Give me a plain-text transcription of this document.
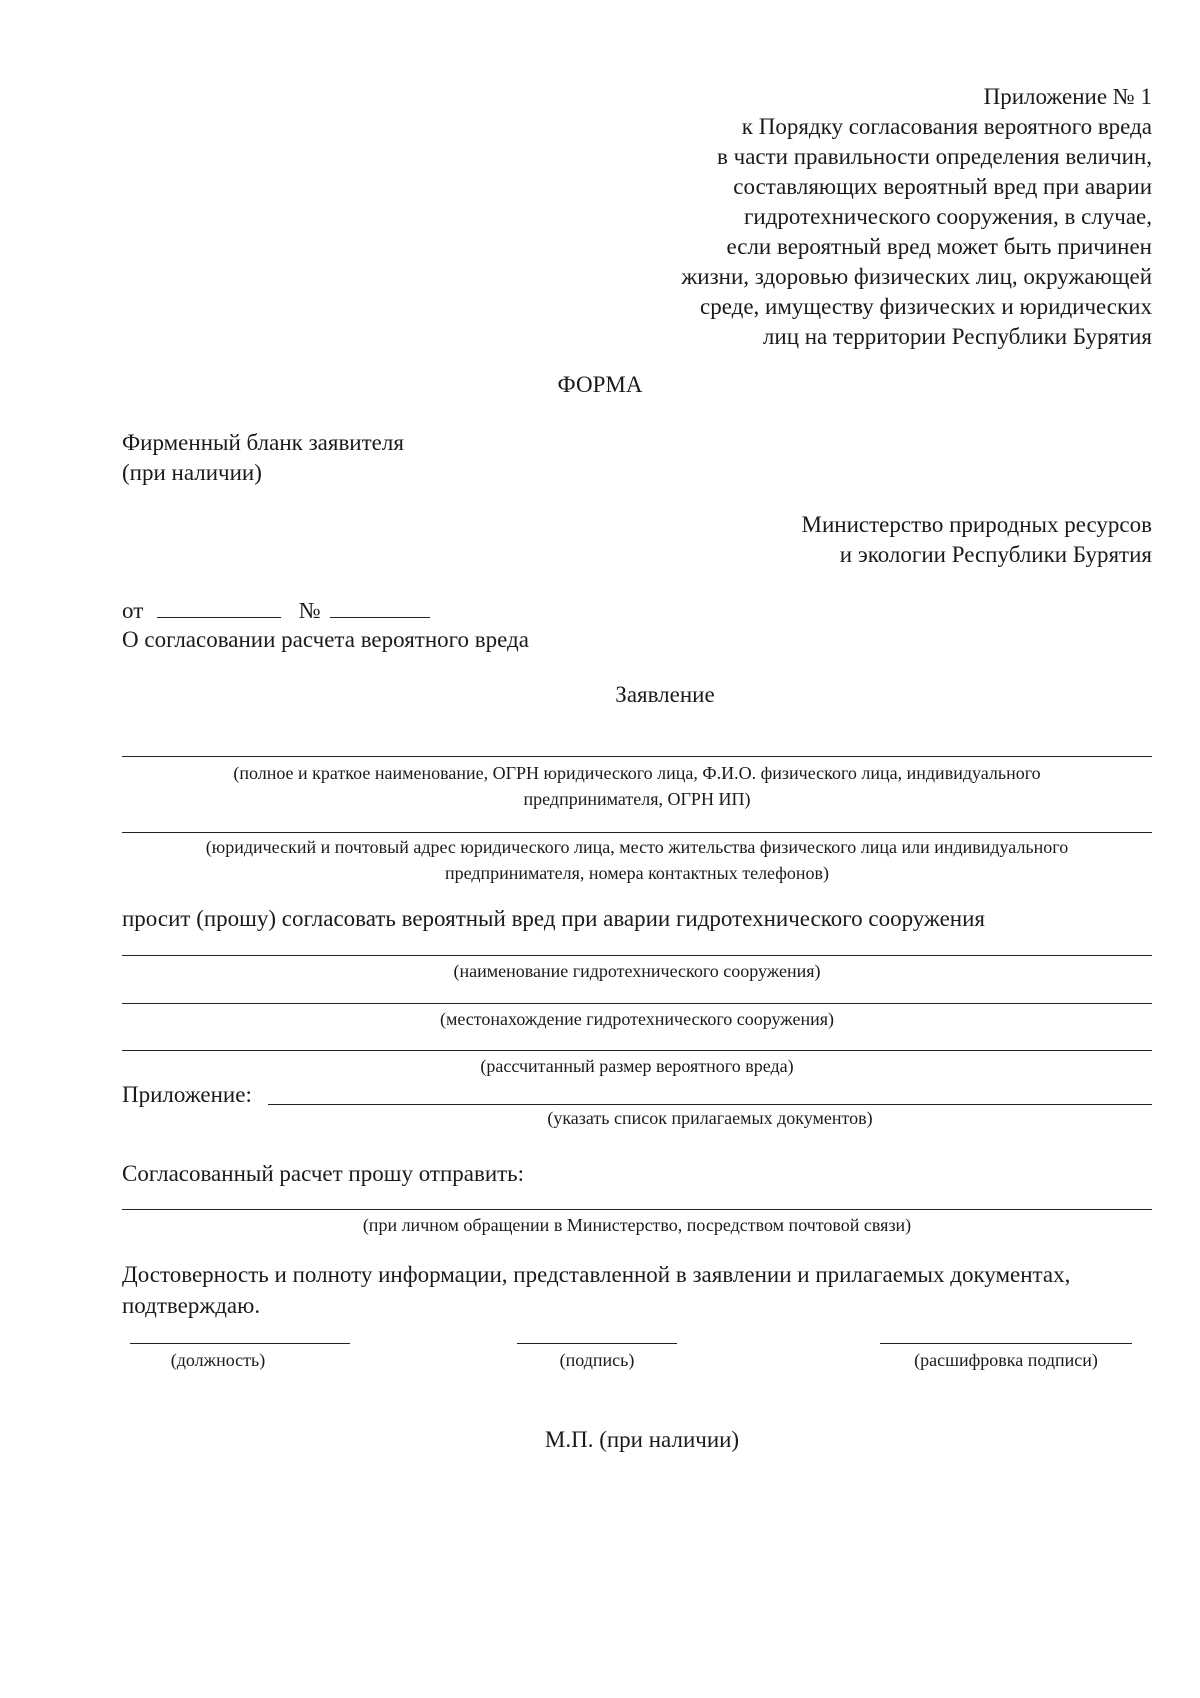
Приложение № 1
к Порядку согласования вероятного вреда
в части правильности определения величин,
составляющих вероятный вред при аварии
гидротехнического сооружения, в случае,
если вероятный вред может быть причинен
жизни, здоровью физических лиц, окружающей
среде, имуществу физических и юридических
лиц на территории Республики Бурятия
ФОРМА
Фирменный бланк заявителя
(при наличии)
Министерство природных ресурсов
и экологии Республики Бурятия
от	№
О согласовании расчета вероятного вреда
Заявление
(полное и краткое наименование, ОГРН юридического лица, Ф.И.О. физического лица, индивидуального
предпринимателя, ОГРН ИП)
(юридический и почтовый адрес юридического лица, место жительства физического лица или индивидуального
предпринимателя, номера контактных телефонов)
просит (прошу) согласовать вероятный вред при аварии гидротехнического сооружения
(наименование гидротехнического сооружения)
(местонахождение гидротехнического сооружения)
(рассчитанный размер вероятного вреда)
Приложение:
(указать список прилагаемых документов)
Согласованный расчет прошу отправить:
(при личном обращении в Министерство, посредством почтовой связи)
Достоверность и полноту информации, представленной в заявлении и прилагаемых документах,
подтверждаю.
(должность)	(подпись)	(расшифровка подписи)
М.П. (при наличии)
